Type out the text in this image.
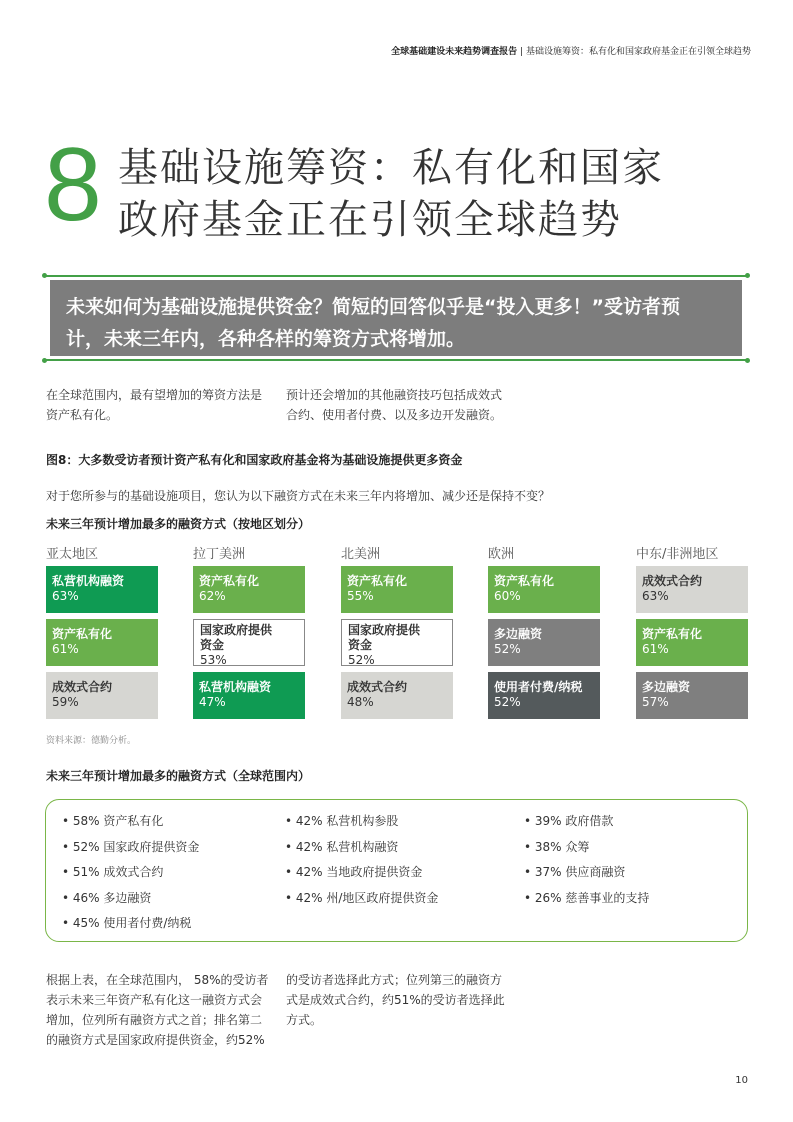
全球基础建设未来趋势调查报告 | 基础设施筹资：私有化和国家政府基金正在引领全球趋势
8 基础设施筹资：私有化和国家
政府基金正在引领全球趋势
未来如何为基础设施提供资金？简短的回答似乎是“投入更多！”受访者预
计，未来三年内，各种各样的筹资方式将增加。
在全球范围内，最有望增加的筹资方法是
资产私有化。
预计还会增加的其他融资技巧包括成效式
合约、使用者付费、以及多边开发融资。
图8：大多数受访者预计资产私有化和国家政府基金将为基础设施提供更多资金
对于您所参与的基础设施项目，您认为以下融资方式在未来三年内将增加、减少还是保持不变？
未来三年预计增加最多的融资方式（按地区划分）
亚太地区
私营机构融资
63%
资产私有化
61%
成效式合约
59%
拉丁美洲
资产私有化
62%
国家政府提供
资金
53%
私营机构融资
47%
北美洲
资产私有化
55%
国家政府提供
资金
52%
成效式合约
48%
欧洲
资产私有化
60%
多边融资
52%
使用者付费/纳税
52%
中东/非洲地区
成效式合约
63%
资产私有化
61%
多边融资
57%
资料来源：德勤分析。
未来三年预计增加最多的融资方式（全球范围内）
• 58% 资产私有化
• 52% 国家政府提供资金
• 51% 成效式合约
• 46% 多边融资
• 45% 使用者付费/纳税
• 42% 私营机构参股
• 42% 私营机构融资
• 42% 当地政府提供资金
• 42% 州/地区政府提供资金
• 39% 政府借款
• 38% 众筹
• 37% 供应商融资
• 26% 慈善事业的支持
根据上表，在全球范围内， 58%的受访者
表示未来三年资产私有化这一融资方式会
增加，位列所有融资方式之首；排名第二
的融资方式是国家政府提供资金，约52%
的受访者选择此方式；位列第三的融资方
式是成效式合约，约51%的受访者选择此
方式。
10
